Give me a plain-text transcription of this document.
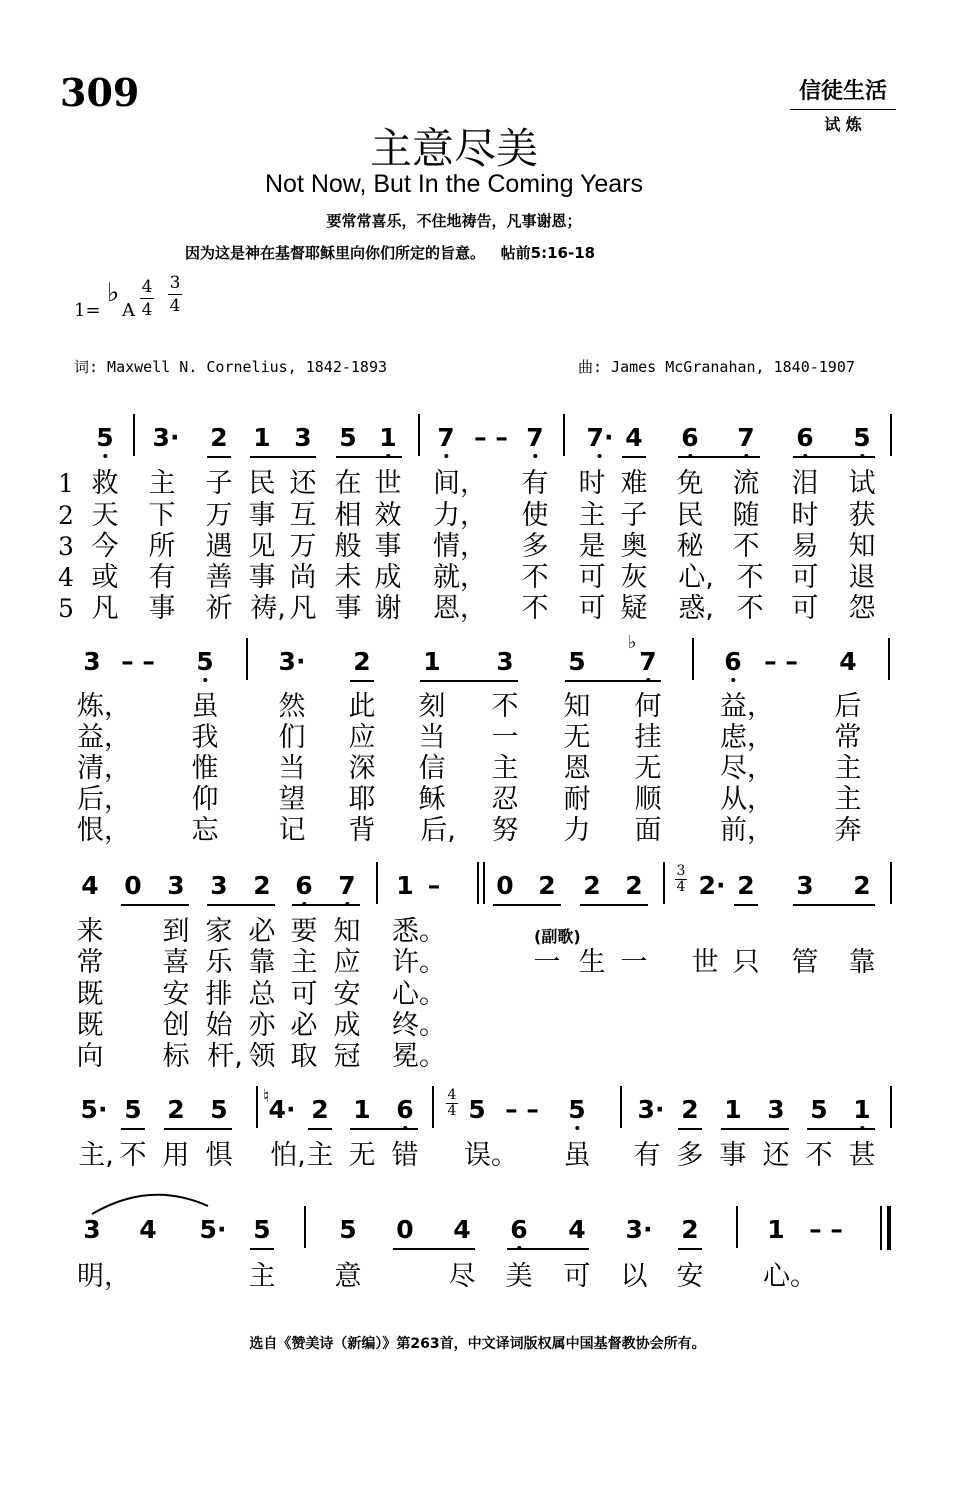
309	信徒生活
试 炼
主意尽美
Not Now, But In the Coming Years
要常常喜乐，不住地祷告，凡事谢恩；
因为这是神在基督耶稣里向你们所定的旨意。   帖前5:16-18
1=
♭
A
4
4
3
4
词: Maxwell N. Cornelius, 1842-1893	曲: James McGranahan, 1840-1907
5 3· 2 1 3 5 1 7 – – 7 7· 4 6 7 6 5
1 救 主 子 民 还 在 世 间， 有 时 难 免 流 泪 试
2 天 下 万 事 互 相 效 力， 使 主 子 民 随 时 获
3 今 所 遇 见 万 般 事 情， 多 是 奥 秘 不 易 知
4 或 有 善 事 尚 未 成 就， 不 可 灰 心, 不 可 退
5 凡 事 祈 祷, 凡 事 谢 恩， 不 可 疑 惑, 不 可 怨
3 – – 5	3· 2 1 3 5
♭
7	6 – – 4
炼， 虽 然 此 刻 不 知 何 益， 后
益， 我 们 应 当 一 无 挂 虑， 常
清， 惟 当 深 信 主 恩 无 尽， 主
后， 仰 望 耶 稣 忍 耐 顺 从， 主
恨， 忘 记 背 后, 努 力 面 前， 奔
4 0 3 3 2 6 7 1 – 0 2 2 2 3
4 2· 2 3 2
(副歌)
来 到 家 必 要 知 悉。
常 喜 乐 靠 主 应 许。	一 生 一 世 只 管 靠
既 安 排 总 可 安 心。
既 创 始 亦 必 成 终。
向 标 杆, 领 取 冠 冕。
5· 5 2 5 ♮ 4· 2 1 6 4
4 5 – – 5 3· 2 1 3 5 1
主, 不 用 惧 怕, 主 无 错 误。 虽 有 多 事 还 不 甚
3 4 5· 5	5 0 4 6 4 3· 2	1 – –
明，	主 意	尽 美 可 以 安 心。
选自《赞美诗（新编）》第263首，中文译词版权属中国基督教协会所有。
